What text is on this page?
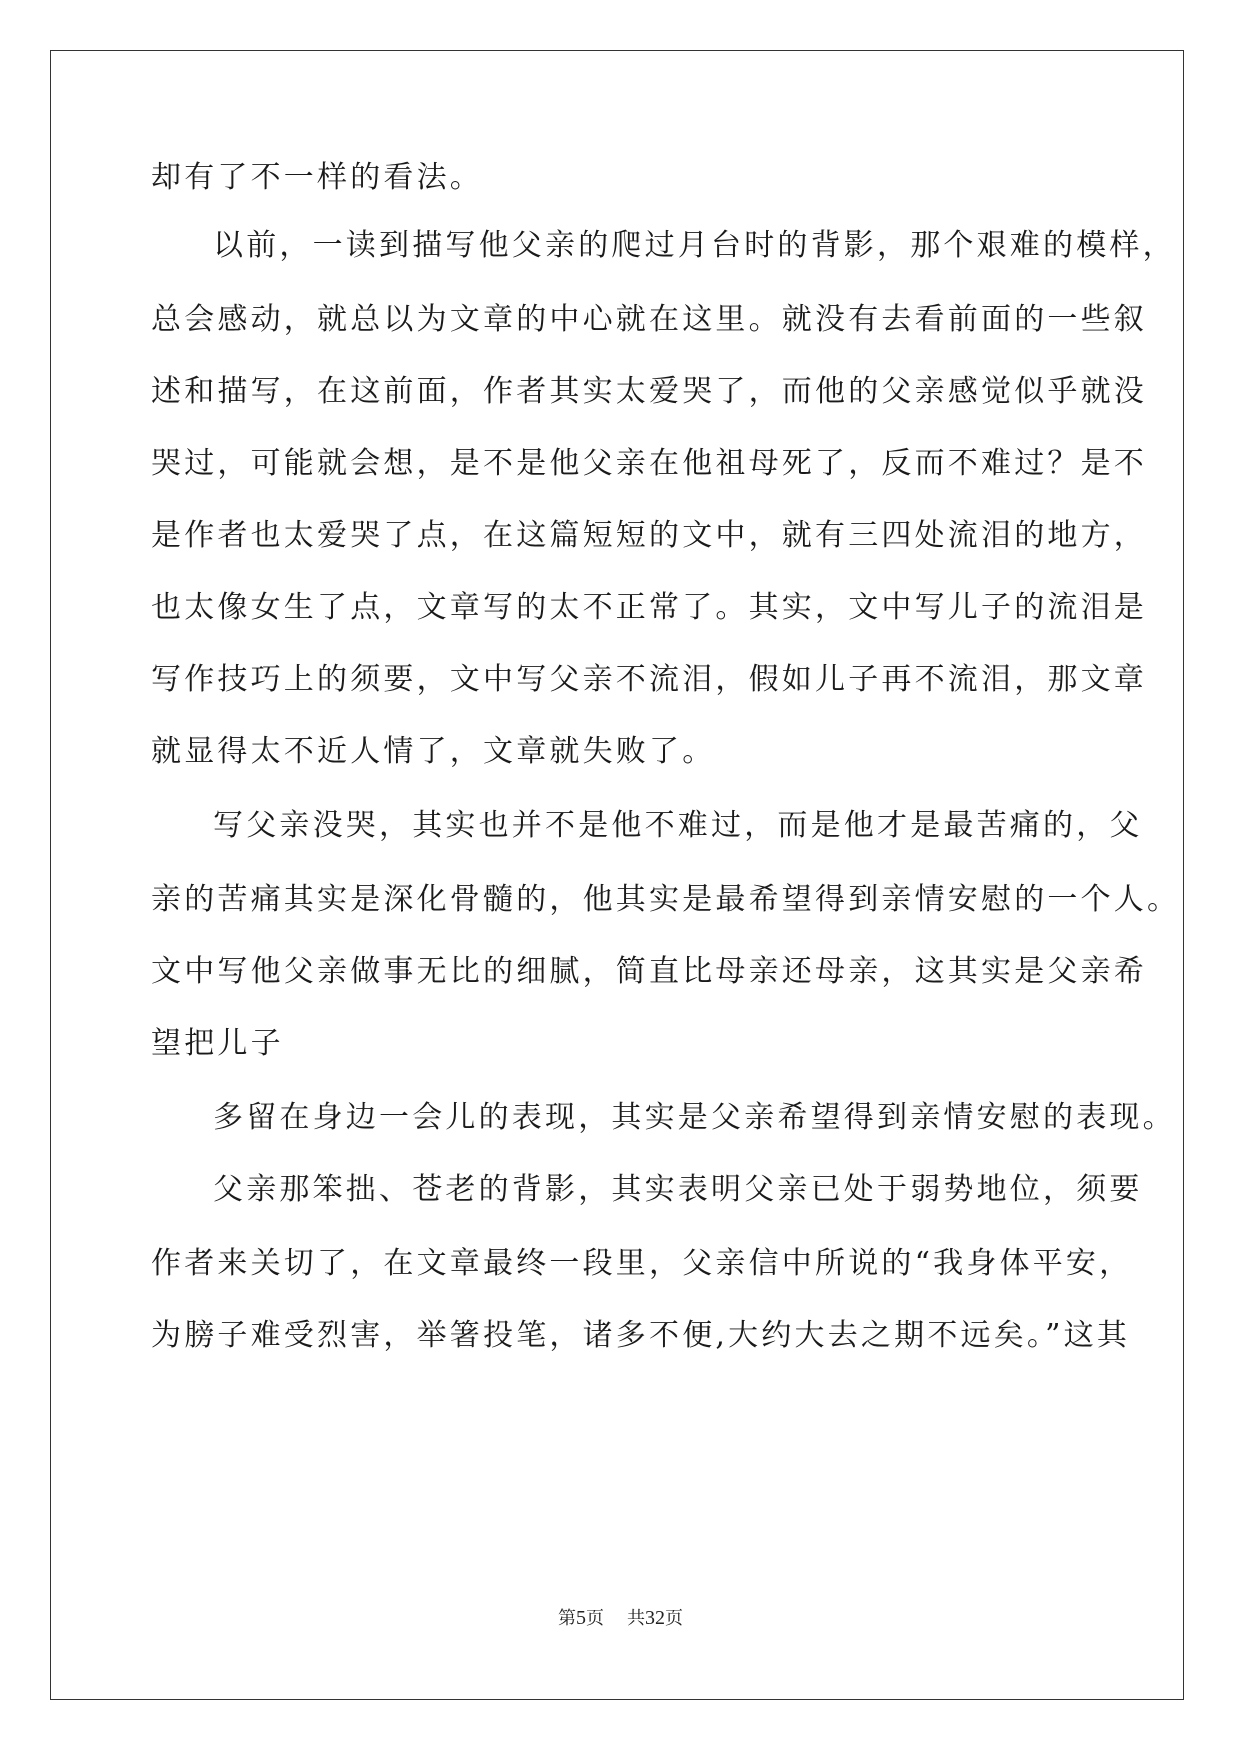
却有了不一样的看法。
以前，一读到描写他父亲的爬过月台时的背影，那个艰难的模样，
总会感动，就总以为文章的中心就在这里。就没有去看前面的一些叙
述和描写，在这前面，作者其实太爱哭了，而他的父亲感觉似乎就没
哭过，可能就会想，是不是他父亲在他祖母死了，反而不难过？是不
是作者也太爱哭了点，在这篇短短的文中，就有三四处流泪的地方，
也太像女生了点，文章写的太不正常了。其实，文中写儿子的流泪是
写作技巧上的须要，文中写父亲不流泪，假如儿子再不流泪，那文章
就显得太不近人情了，文章就失败了。
写父亲没哭，其实也并不是他不难过，而是他才是最苦痛的，父
亲的苦痛其实是深化骨髓的，他其实是最希望得到亲情安慰的一个人。
文中写他父亲做事无比的细腻，简直比母亲还母亲，这其实是父亲希
望把儿子
多留在身边一会儿的表现，其实是父亲希望得到亲情安慰的表现。
父亲那笨拙、苍老的背影，其实表明父亲已处于弱势地位，须要
作者来关切了，在文章最终一段里，父亲信中所说的“我身体平安，
为膀子难受烈害，举箸投笔，诸多不便,大约大去之期不远矣。”这其
第5页 共32页
